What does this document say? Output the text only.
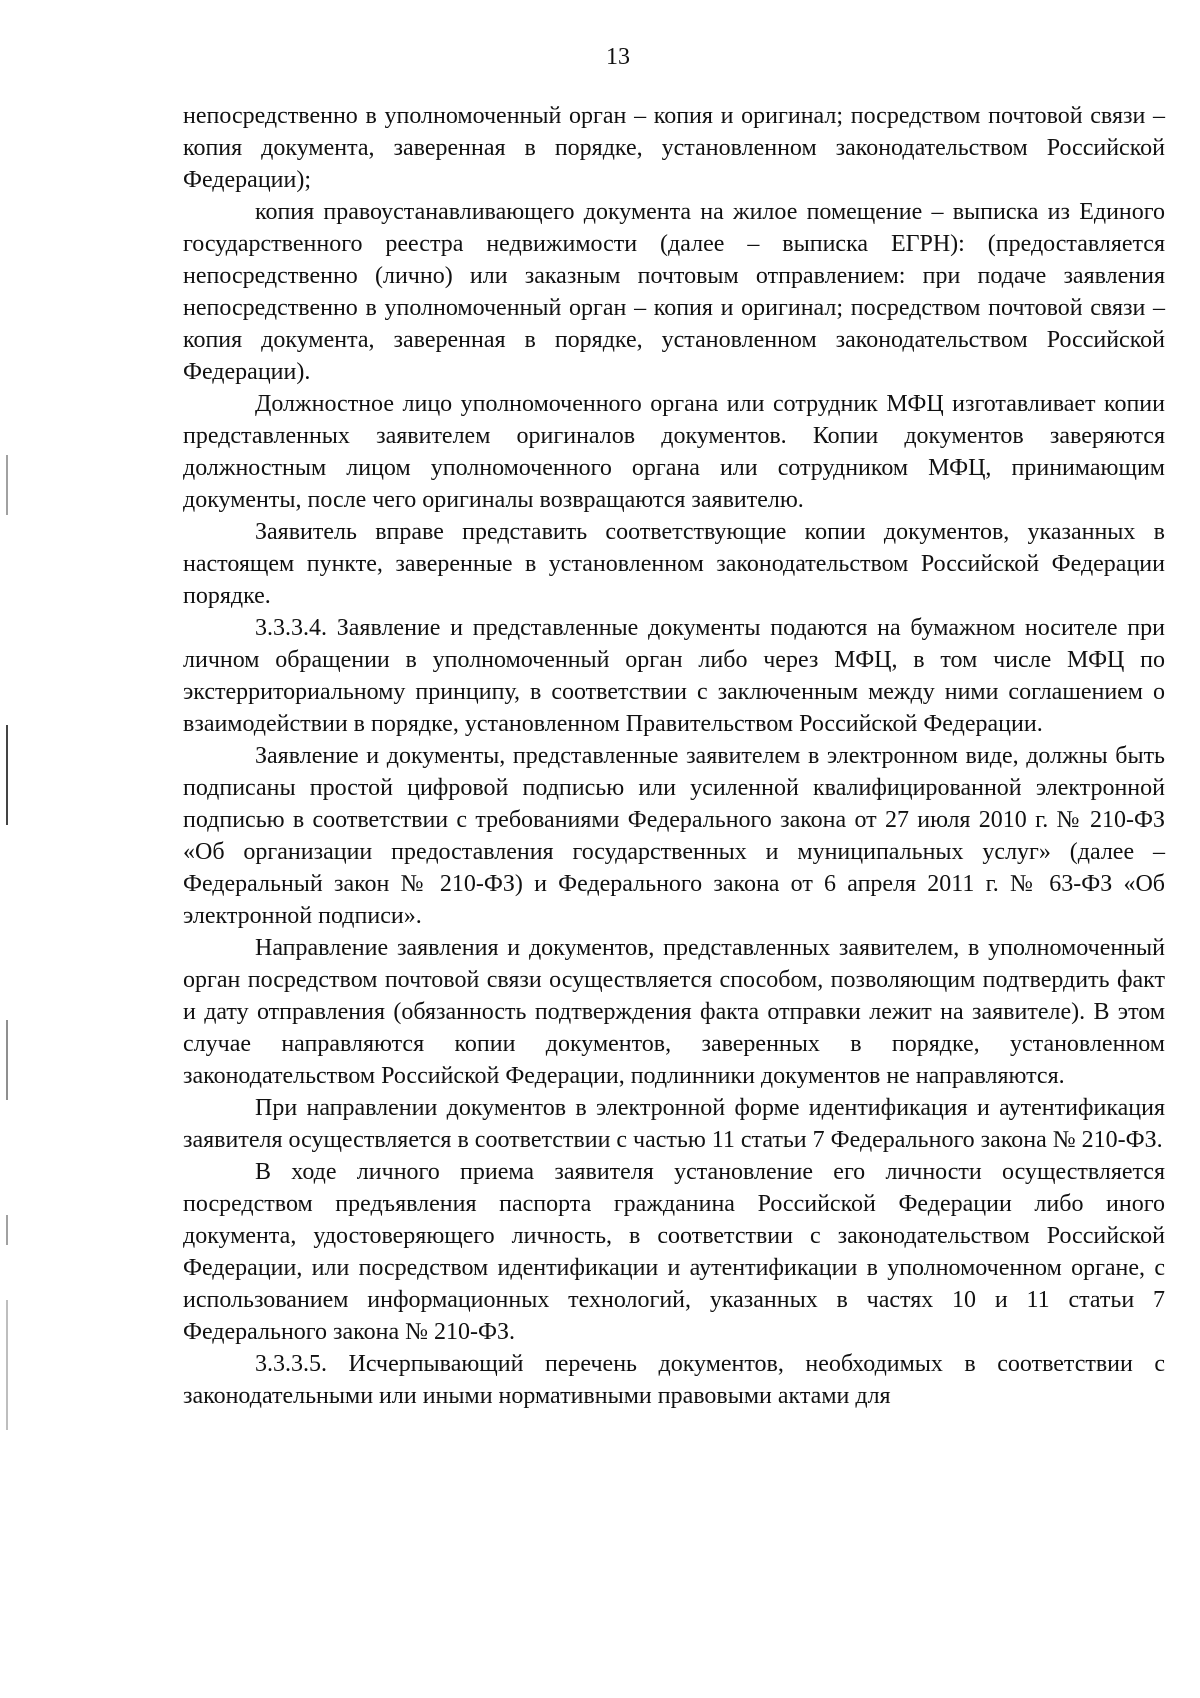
13

непосредственно в уполномоченный орган – копия и оригинал; посредством почтовой связи – копия документа, заверенная в порядке, установленном законодательством Российской Федерации);

копия правоустанавливающего документа на жилое помещение – выписка из Единого государственного реестра недвижимости (далее – выписка ЕГРН): (предоставляется непосредственно (лично) или заказным почтовым отправлением: при подаче заявления непосредственно в уполномоченный орган – копия и оригинал; посредством почтовой связи – копия документа, заверенная в порядке, установленном законодательством Российской Федерации).

Должностное лицо уполномоченного органа или сотрудник МФЦ изготавливает копии представленных заявителем оригиналов документов. Копии документов заверяются должностным лицом уполномоченного органа или сотрудником МФЦ, принимающим документы, после чего оригиналы возвращаются заявителю.

Заявитель вправе представить соответствующие копии документов, указанных в настоящем пункте, заверенные в установленном законодательством Российской Федерации порядке.

3.3.3.4. Заявление и представленные документы подаются на бумажном носителе при личном обращении в уполномоченный орган либо через МФЦ, в том числе МФЦ по экстерриториальному принципу, в соответствии с заключенным между ними соглашением о взаимодействии в порядке, установленном Правительством Российской Федерации.

Заявление и документы, представленные заявителем в электронном виде, должны быть подписаны простой цифровой подписью или усиленной квалифицированной электронной подписью в соответствии с требованиями Федерального закона от 27 июля 2010 г. № 210-ФЗ «Об организации предоставления государственных и муниципальных услуг» (далее – Федеральный закон № 210-ФЗ) и Федерального закона от 6 апреля 2011 г. № 63-ФЗ «Об электронной подписи».

Направление заявления и документов, представленных заявителем, в уполномоченный орган посредством почтовой связи осуществляется способом, позволяющим подтвердить факт и дату отправления (обязанность подтверждения факта отправки лежит на заявителе). В этом случае направляются копии документов, заверенных в порядке, установленном законодательством Российской Федерации, подлинники документов не направляются.

При направлении документов в электронной форме идентификация и аутентификация заявителя осуществляется в соответствии с частью 11 статьи 7 Федерального закона № 210-ФЗ.

В ходе личного приема заявителя установление его личности осуществляется посредством предъявления паспорта гражданина Российской Федерации либо иного документа, удостоверяющего личность, в соответствии с законодательством Российской Федерации, или посредством идентификации и аутентификации в уполномоченном органе, с использованием информационных технологий, указанных в частях 10 и 11 статьи 7 Федерального закона № 210-ФЗ.

3.3.3.5. Исчерпывающий перечень документов, необходимых в соответствии с законодательными или иными нормативными правовыми актами для
